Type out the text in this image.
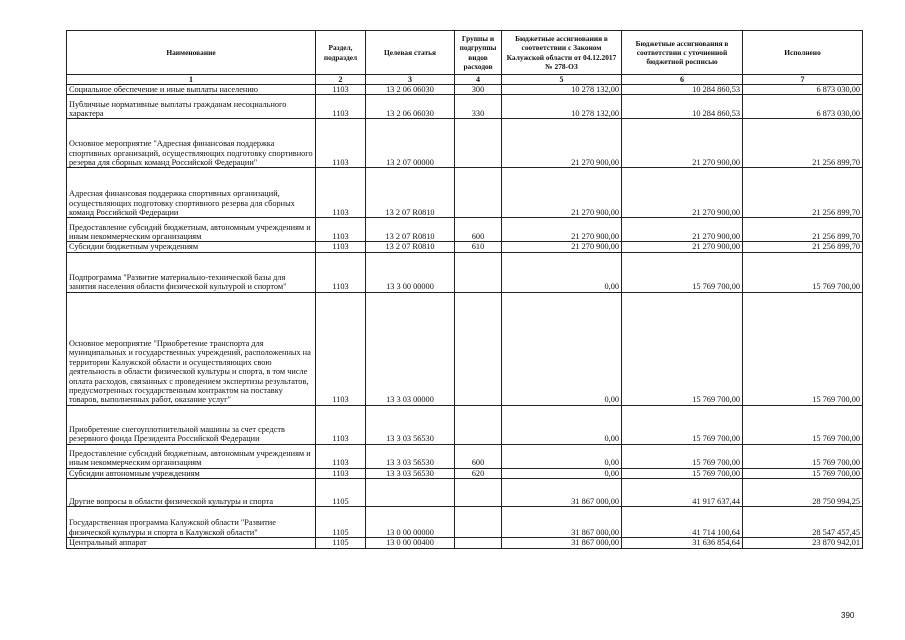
Наименование	Раздел, подраздел	Целевая статья	Группы и подгруппы видов расходов	Бюджетные ассигнования в соответствии с Законом Калужской области от 04.12.2017 № 278-ОЗ	Бюджетные ассигнования в соответствии с уточненной бюджетной росписью	Исполнено
1	2	3	4	5	6	7
Социальное обеспечение и иные выплаты населению	1103	13 2 06 06030	300	10 278 132,00	10 284 860,53	6 873 030,00
Публичные нормативные выплаты гражданам несоциального характера	1103	13 2 06 06030	330	10 278 132,00	10 284 860,53	6 873 030,00
Основное мероприятие "Адресная финансовая поддержка спортивных организаций, осуществляющих подготовку спортивного резерва для сборных команд Российской Федерации"	1103	13 2 07 00000		21 270 900,00	21 270 900,00	21 256 899,70
Адресная финансовая поддержка спортивных организаций, осуществляющих подготовку спортивного резерва для сборных команд Российской Федерации	1103	13 2 07 R0810		21 270 900,00	21 270 900,00	21 256 899,70
Предоставление субсидий бюджетным, автономным учреждениям и иным некоммерческим организациям	1103	13 2 07 R0810	600	21 270 900,00	21 270 900,00	21 256 899,70
Субсидии бюджетным учреждениям	1103	13 2 07 R0810	610	21 270 900,00	21 270 900,00	21 256 899,70
Подпрограмма "Развитие материально-технической базы для занятия населения области физической культурой и спортом"	1103	13 3 00 00000		0,00	15 769 700,00	15 769 700,00
Основное мероприятие "Приобретение транспорта для муниципальных и государственных учреждений, расположенных на территории Калужской области и осуществляющих свою деятельность в области физической культуры и спорта, в том числе оплата расходов, связанных с проведением экспертизы результатов, предусмотренных государственным контрактом на поставку товаров, выполненных работ, оказание услуг"	1103	13 3 03 00000		0,00	15 769 700,00	15 769 700,00
Приобретение снегоуплотнительной машины за счет средств резервного фонда Президента Российской Федерации	1103	13 3 03 56530		0,00	15 769 700,00	15 769 700,00
Предоставление субсидий бюджетным, автономным учреждениям и иным некоммерческим организациям	1103	13 3 03 56530	600	0,00	15 769 700,00	15 769 700,00
Субсидии автономным учреждениям	1103	13 3 03 56530	620	0,00	15 769 700,00	15 769 700,00
Другие вопросы в области физической культуры и спорта	1105			31 867 000,00	41 917 637,44	28 750 994,25
Государственная программа Калужской области "Развитие физической культуры и спорта в Калужской области"	1105	13 0 00 00000		31 867 000,00	41 714 100,64	28 547 457,45
Центральный аппарат	1105	13 0 00 00400		31 867 000,00	31 636 854,64	23 870 942,01
390
